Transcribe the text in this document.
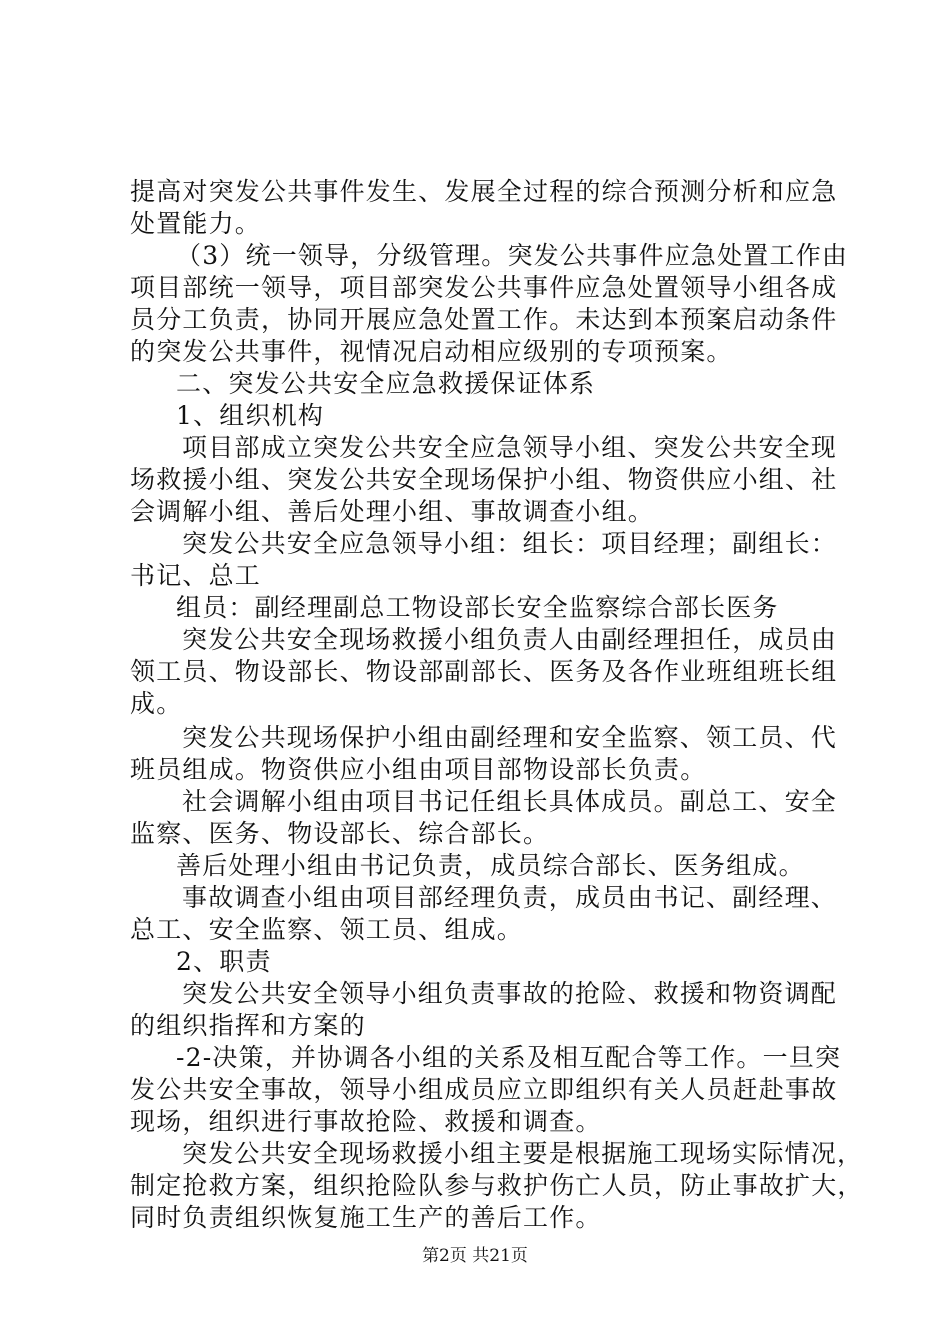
提高对突发公共事件发生、发展全过程的综合预测分析和应急
处置能力。
（3）统一领导，分级管理。突发公共事件应急处置工作由
项目部统一领导，项目部突发公共事件应急处置领导小组各成
员分工负责，协同开展应急处置工作。未达到本预案启动条件
的突发公共事件，视情况启动相应级别的专项预案。
二、突发公共安全应急救援保证体系
1、组织机构
项目部成立突发公共安全应急领导小组、突发公共安全现
场救援小组、突发公共安全现场保护小组、物资供应小组、社
会调解小组、善后处理小组、事故调查小组。
突发公共安全应急领导小组：组长：项目经理；副组长：
书记、总工
组员：副经理副总工物设部长安全监察综合部长医务
突发公共安全现场救援小组负责人由副经理担任，成员由
领工员、物设部长、物设部副部长、医务及各作业班组班长组
成。
突发公共现场保护小组由副经理和安全监察、领工员、代
班员组成。物资供应小组由项目部物设部长负责。
社会调解小组由项目书记任组长具体成员。副总工、安全
监察、医务、物设部长、综合部长。
善后处理小组由书记负责，成员综合部长、医务组成。
事故调查小组由项目部经理负责，成员由书记、副经理、
总工、安全监察、领工员、组成。
2、职责
突发公共安全领导小组负责事故的抢险、救援和物资调配
的组织指挥和方案的
-2-决策，并协调各小组的关系及相互配合等工作。一旦突
发公共安全事故，领导小组成员应立即组织有关人员赶赴事故
现场，组织进行事故抢险、救援和调查。
突发公共安全现场救援小组主要是根据施工现场实际情况，
制定抢救方案，组织抢险队参与救护伤亡人员，防止事故扩大，
同时负责组织恢复施工生产的善后工作。
第2页 共21页
